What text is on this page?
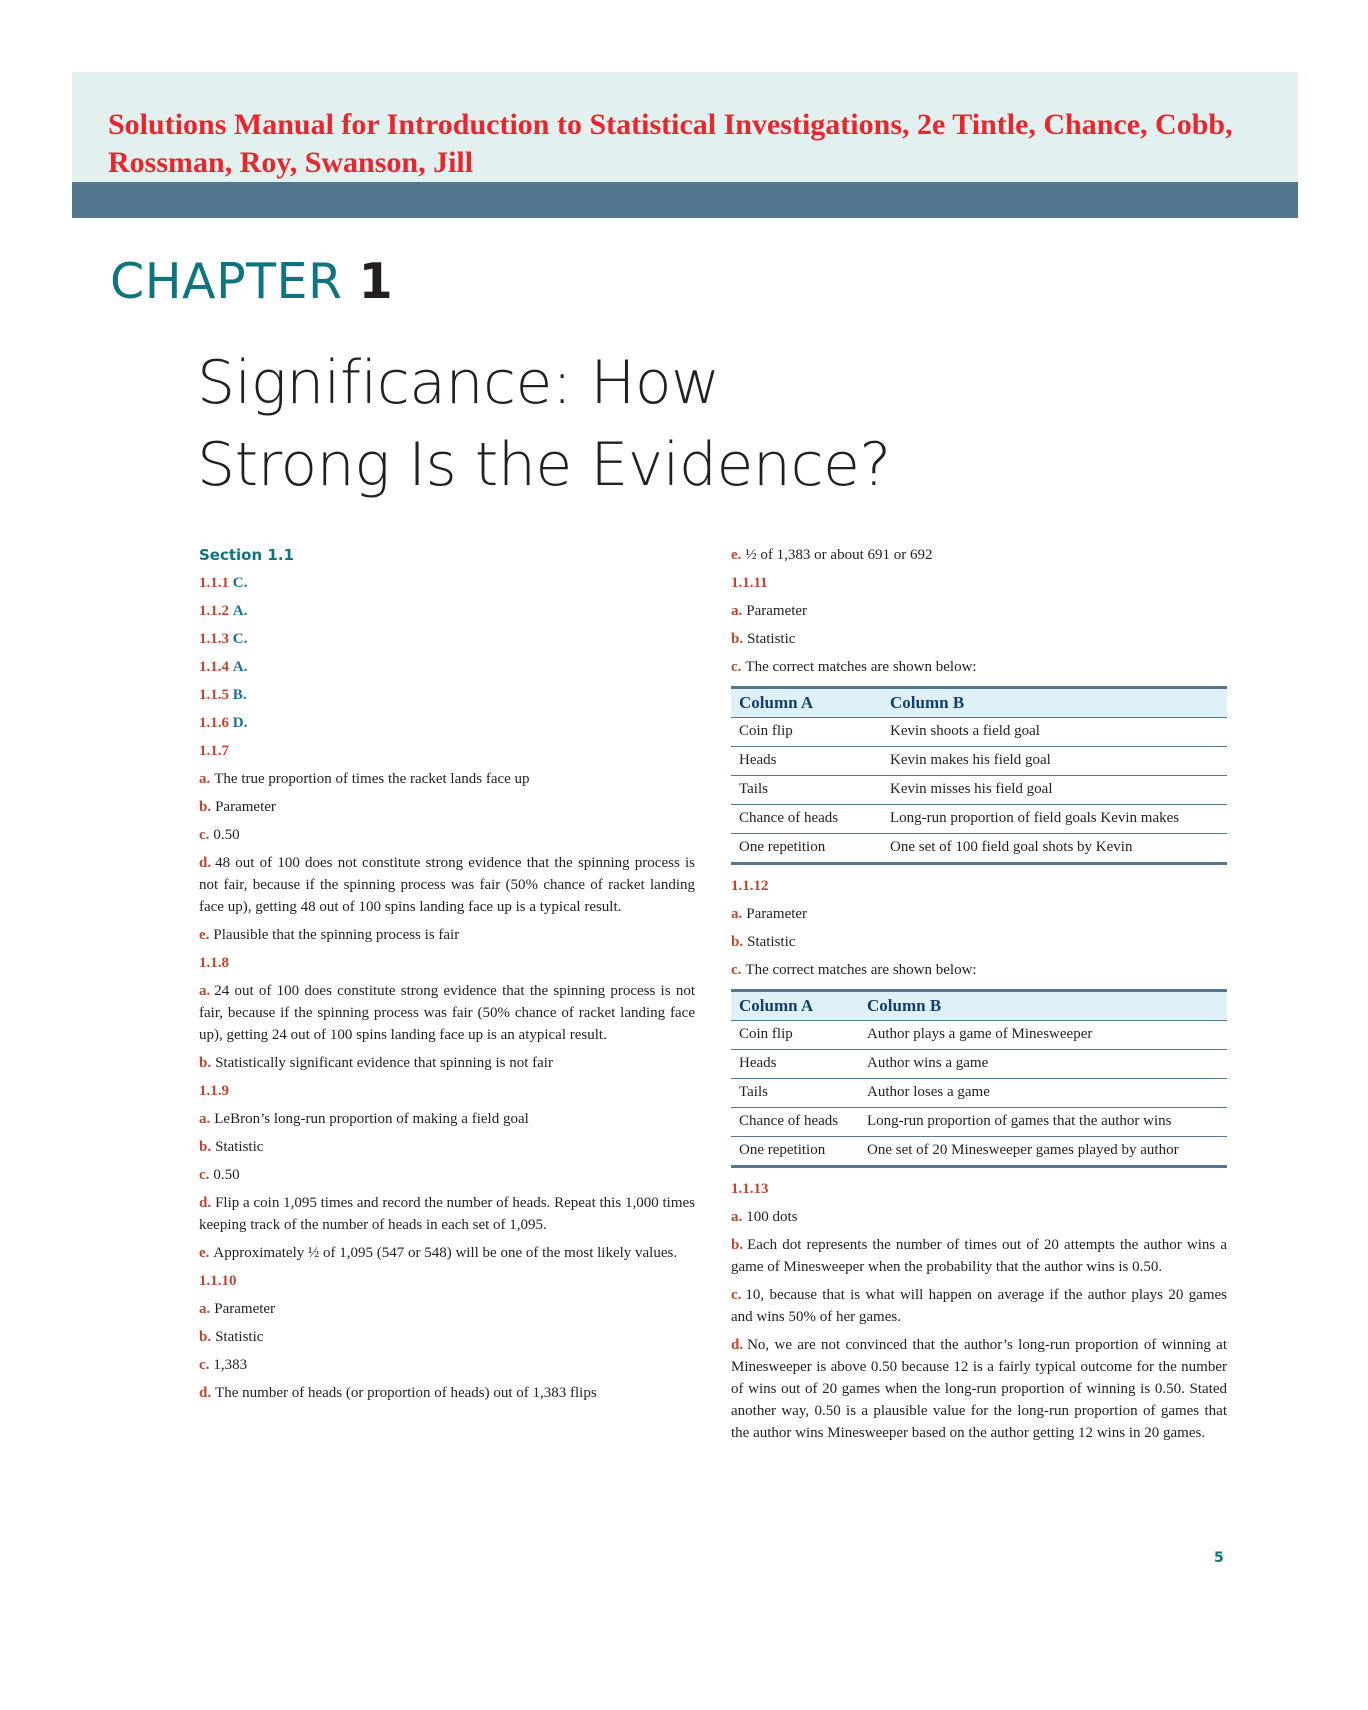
Solutions Manual for Introduction to Statistical Investigations, 2e Tintle, Chance, Cobb, Rossman, Roy, Swanson, Jill
CHAPTER 1
Significance: How
Strong Is the Evidence?
Section 1.1
1.1.1 C.
1.1.2 A.
1.1.3 C.
1.1.4 A.
1.1.5 B.
1.1.6 D.
1.1.7
a. The true proportion of times the racket lands face up
b. Parameter
c. 0.50
d. 48 out of 100 does not constitute strong evidence that the spinning process is not fair, because if the spinning process was fair (50% chance of racket landing face up), getting 48 out of 100 spins landing face up is a typical result.
e. Plausible that the spinning process is fair
1.1.8
a. 24 out of 100 does constitute strong evidence that the spinning process is not fair, because if the spinning process was fair (50% chance of racket landing face up), getting 24 out of 100 spins landing face up is an atypical result.
b. Statistically significant evidence that spinning is not fair
1.1.9
a. LeBron’s long-run proportion of making a field goal
b. Statistic
c. 0.50
d. Flip a coin 1,095 times and record the number of heads. Repeat this 1,000 times keeping track of the number of heads in each set of 1,095.
e. Approximately ½ of 1,095 (547 or 548) will be one of the most likely values.
1.1.10
a. Parameter
b. Statistic
c. 1,383
d. The number of heads (or proportion of heads) out of 1,383 flips
e. ½ of 1,383 or about 691 or 692
1.1.11
a. Parameter
b. Statistic
c. The correct matches are shown below:
Column A	Column B
Coin flip	Kevin shoots a field goal
Heads	Kevin makes his field goal
Tails	Kevin misses his field goal
Chance of heads	Long-run proportion of field goals Kevin makes
One repetition	One set of 100 field goal shots by Kevin
1.1.12
a. Parameter
b. Statistic
c. The correct matches are shown below:
Column A	Column B
Coin flip	Author plays a game of Minesweeper
Heads	Author wins a game
Tails	Author loses a game
Chance of heads	Long-run proportion of games that the author wins
One repetition	One set of 20 Minesweeper games played by author
1.1.13
a. 100 dots
b. Each dot represents the number of times out of 20 attempts the author wins a game of Minesweeper when the probability that the author wins is 0.50.
c. 10, because that is what will happen on average if the author plays 20 games and wins 50% of her games.
d. No, we are not convinced that the author’s long-run proportion of winning at Minesweeper is above 0.50 because 12 is a fairly typical outcome for the number of wins out of 20 games when the long-run proportion of winning is 0.50. Stated another way, 0.50 is a plausible value for the long-run proportion of games that the author wins Minesweeper based on the author getting 12 wins in 20 games.
5
